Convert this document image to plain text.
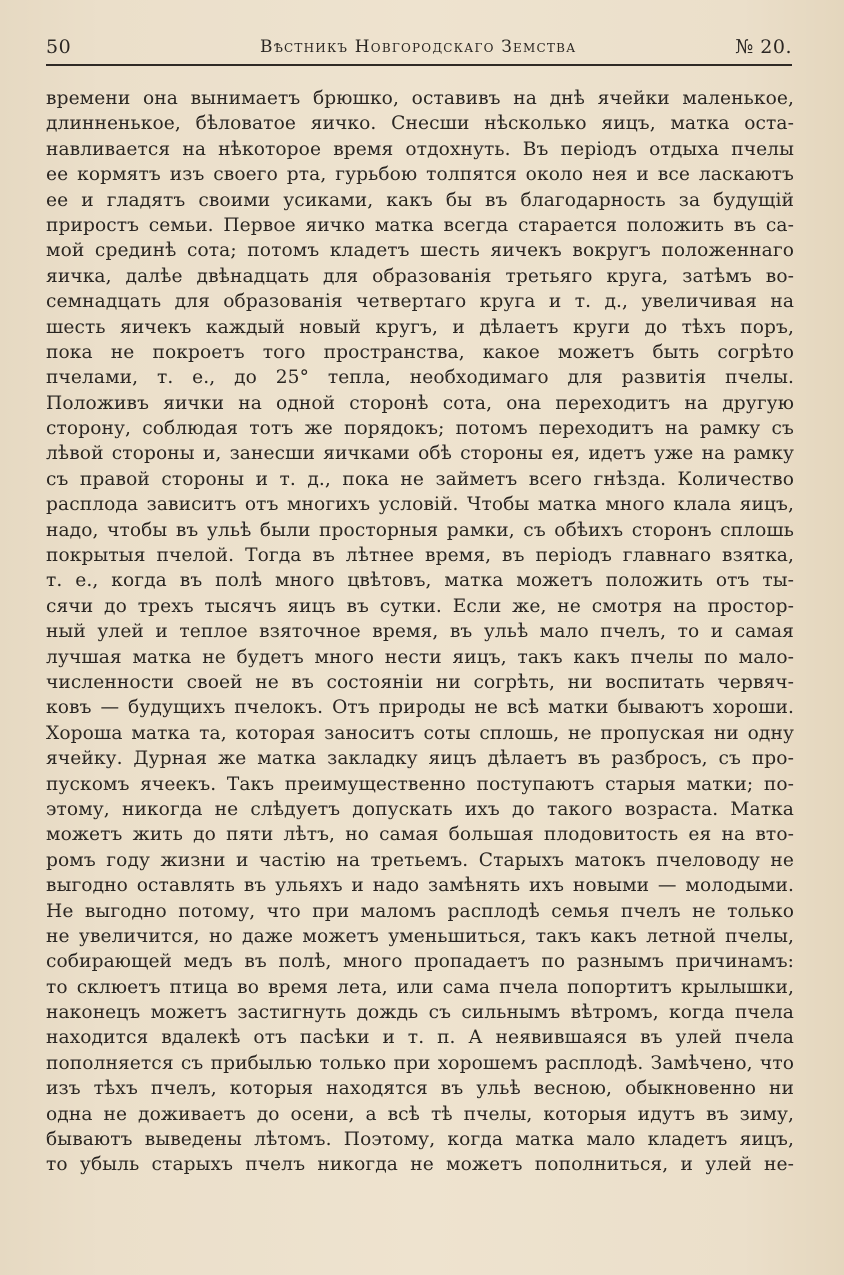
50	Вѣстникъ Новгородскаго Земства	№ 20.
времени она вынимаетъ брюшко, оставивъ на днѣ ячейки маленькое,
длинненькое, бѣловатое яичко. Снесши нѣсколько яицъ, матка оста-
навливается на нѣкоторое время отдохнуть. Въ періодъ отдыха пчелы
ее кормятъ изъ своего рта, гурьбою толпятся около нея и все ласкаютъ
ее и гладятъ своими усиками, какъ бы въ благодарность за будущій
приростъ семьи. Первое яичко матка всегда старается положить въ са-
мой срединѣ сота; потомъ кладетъ шесть яичекъ вокругъ положеннаго
яичка, далѣе двѣнадцать для образованія третьяго круга, затѣмъ во-
семнадцать для образованія четвертаго круга и т. д., увеличивая на
шесть яичекъ каждый новый кругъ, и дѣлаетъ круги до тѣхъ поръ,
пока не покроетъ того пространства, какое можетъ быть согрѣто
пчелами, т. е., до 25° тепла, необходимаго для развитія пчелы.
Положивъ яички на одной сторонѣ сота, она переходитъ на другую
сторону, соблюдая тотъ же порядокъ; потомъ переходитъ на рамку съ
лѣвой стороны и, занесши яичками обѣ стороны ея, идетъ уже на рамку
съ правой стороны и т. д., пока не займетъ всего гнѣзда. Количество
расплода зависитъ отъ многихъ условій. Чтобы матка много клала яицъ,
надо, чтобы въ ульѣ были просторныя рамки, съ обѣихъ сторонъ сплошь
покрытыя пчелой. Тогда въ лѣтнее время, въ періодъ главнаго взятка,
т. е., когда въ полѣ много цвѣтовъ, матка можетъ положить отъ ты-
сячи до трехъ тысячъ яицъ въ сутки. Если же, не смотря на простор-
ный улей и теплое взяточное время, въ ульѣ мало пчелъ, то и самая
лучшая матка не будетъ много нести яицъ, такъ какъ пчелы по мало-
численности своей не въ состояніи ни согрѣть, ни воспитать червяч-
ковъ — будущихъ пчелокъ. Отъ природы не всѣ матки бываютъ хороши.
Хороша матка та, которая заноситъ соты сплошь, не пропуская ни одну
ячейку. Дурная же матка закладку яицъ дѣлаетъ въ разбросъ, съ про-
пускомъ ячеекъ. Такъ преимущественно поступаютъ старыя матки; по-
этому, никогда не слѣдуетъ допускать ихъ до такого возраста. Матка
можетъ жить до пяти лѣтъ, но самая большая плодовитость ея на вто-
ромъ году жизни и частію на третьемъ. Старыхъ матокъ пчеловоду не
выгодно оставлять въ ульяхъ и надо замѣнять ихъ новыми — молодыми.
Не выгодно потому, что при маломъ расплодѣ семья пчелъ не только
не увеличится, но даже можетъ уменьшиться, такъ какъ летной пчелы,
собирающей медъ въ полѣ, много пропадаетъ по разнымъ причинамъ:
то склюетъ птица во время лета, или сама пчела попортитъ крылышки,
наконецъ можетъ застигнуть дождь съ сильнымъ вѣтромъ, когда пчела
находится вдалекѣ отъ пасѣки и т. п. А неявившаяся въ улей пчела
пополняется съ прибылью только при хорошемъ расплодѣ. Замѣчено, что
изъ тѣхъ пчелъ, которыя находятся въ ульѣ весною, обыкновенно ни
одна не доживаетъ до осени, а всѣ тѣ пчелы, которыя идутъ въ зиму,
бываютъ выведены лѣтомъ. Поэтому, когда матка мало кладетъ яицъ,
то убыль старыхъ пчелъ никогда не можетъ пополниться, и улей не-
